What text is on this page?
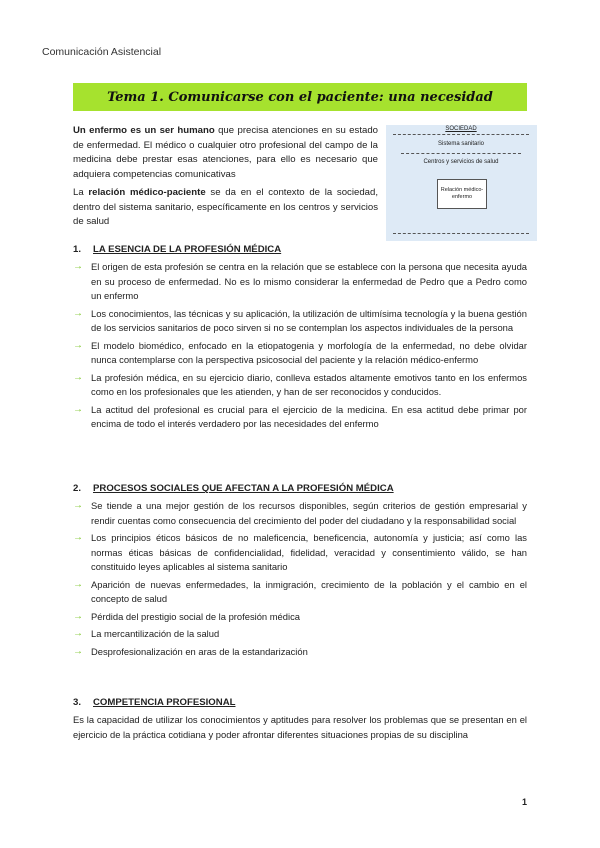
Comunicación Asistencial
Tema 1. Comunicarse con el paciente: una necesidad

Un enfermo es un ser humano que precisa atenciones en su estado de enfermedad. El médico o cualquier otro profesional del campo de la medicina debe prestar esas atenciones, para ello es necesario que adquiera competencias comunicativas

La relación médico-paciente se da en el contexto de la sociedad, dentro del sistema sanitario, específicamente en los centros y servicios de salud

SOCIEDAD
Sistema sanitario
Centros y servicios de salud
Relación médico-enfermo
1.	LA ESENCIA DE LA PROFESIÓN MÉDICA
→ El origen de esta profesión se centra en la relación que se establece con la persona que necesita ayuda en su proceso de enfermedad. No es lo mismo considerar la enfermedad de Pedro que a Pedro como un enfermo
→ Los conocimientos, las técnicas y su aplicación, la utilización de ultimísima tecnología y la buena gestión de los servicios sanitarios de poco sirven si no se contemplan los aspectos individuales de la persona
→ El modelo biomédico, enfocado en la etiopatogenia y morfología de la enfermedad, no debe olvidar nunca contemplarse con la perspectiva psicosocial del paciente y la relación médico-enfermo
→ La profesión médica, en su ejercicio diario, conlleva estados altamente emotivos tanto en los enfermos como en los profesionales que les atienden, y han de ser reconocidos y conducidos.
→ La actitud del profesional es crucial para el ejercicio de la medicina. En esa actitud debe primar por encima de todo el interés verdadero por las necesidades del enfermo
2.	PROCESOS SOCIALES QUE AFECTAN A LA PROFESIÓN MÉDICA
→ Se tiende a una mejor gestión de los recursos disponibles, según criterios de gestión empresarial y rendir cuentas como consecuencia del crecimiento del poder del ciudadano y la responsabilidad social
→ Los principios éticos básicos de no maleficencia, beneficencia, autonomía y justicia; así como las normas éticas básicas de confidencialidad, fidelidad, veracidad y consentimiento válido, se han constituido leyes aplicables al sistema sanitario
→ Aparición de nuevas enfermedades, la inmigración, crecimiento de la población y el cambio en el concepto de salud
→ Pérdida del prestigio social de la profesión médica
→ La mercantilización de la salud
→ Desprofesionalización en aras de la estandarización
3.	COMPETENCIA PROFESIONAL
Es la capacidad de utilizar los conocimientos y aptitudes para resolver los problemas que se presentan en el ejercicio de la práctica cotidiana y poder afrontar diferentes situaciones propias de su disciplina
1
